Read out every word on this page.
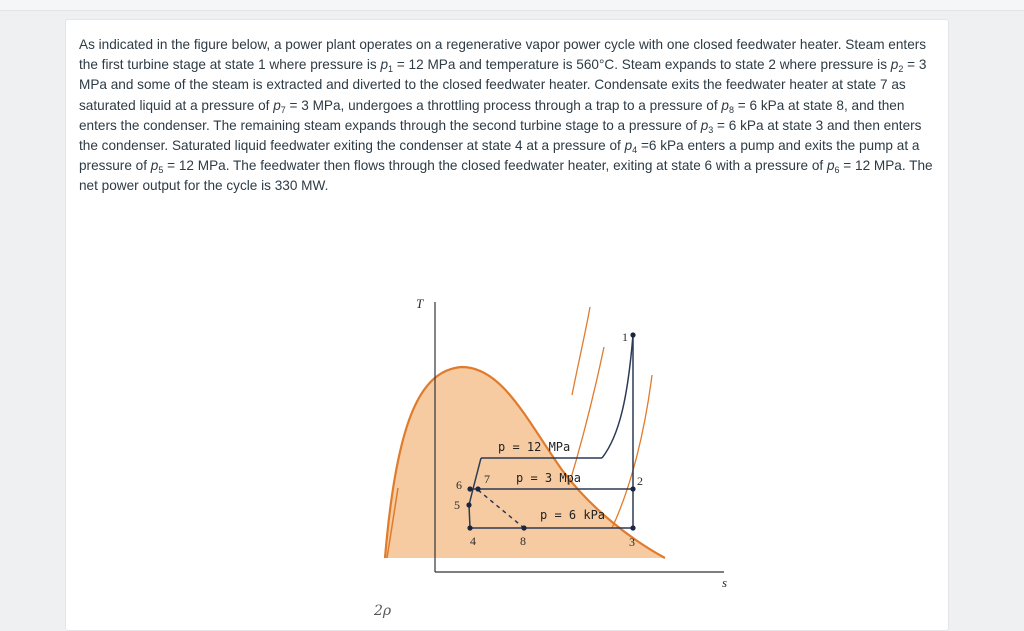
As indicated in the figure below, a power plant operates on a regenerative vapor power cycle with one closed feedwater heater. Steam enters the first turbine stage at state 1 where pressure is $p_1 = 12$ MPa and temperature is 560°C. Steam expands to state 2 where pressure is $p_2 = 3$ MPa and some of the steam is extracted and diverted to the closed feedwater heater. Condensate exits the feedwater heater at state 7 as saturated liquid at a pressure of $p_7 = 3$ MPa, undergoes a throttling process through a trap to a pressure of $p_8 = 6$ kPa at state 8, and then enters the condenser. The remaining steam expands through the second turbine stage to a pressure of $p_3 = 6$ kPa at state 3 and then enters the condenser. Saturated liquid feedwater exiting the condenser at state 4 at a pressure of $p_4 =6$ kPa enters a pump and exits the pump at a pressure of $p_5 = 12$ MPa. The feedwater then flows through the closed feedwater heater, exiting at state 6 with a pressure of $p_6 = 12$ MPa. The net power output for the cycle is 330 MW.

T
s
1
2
3
4
5
6 7
8
p = 12 MPa
p = 3 Mpa
p = 6 kPa
2ρ
